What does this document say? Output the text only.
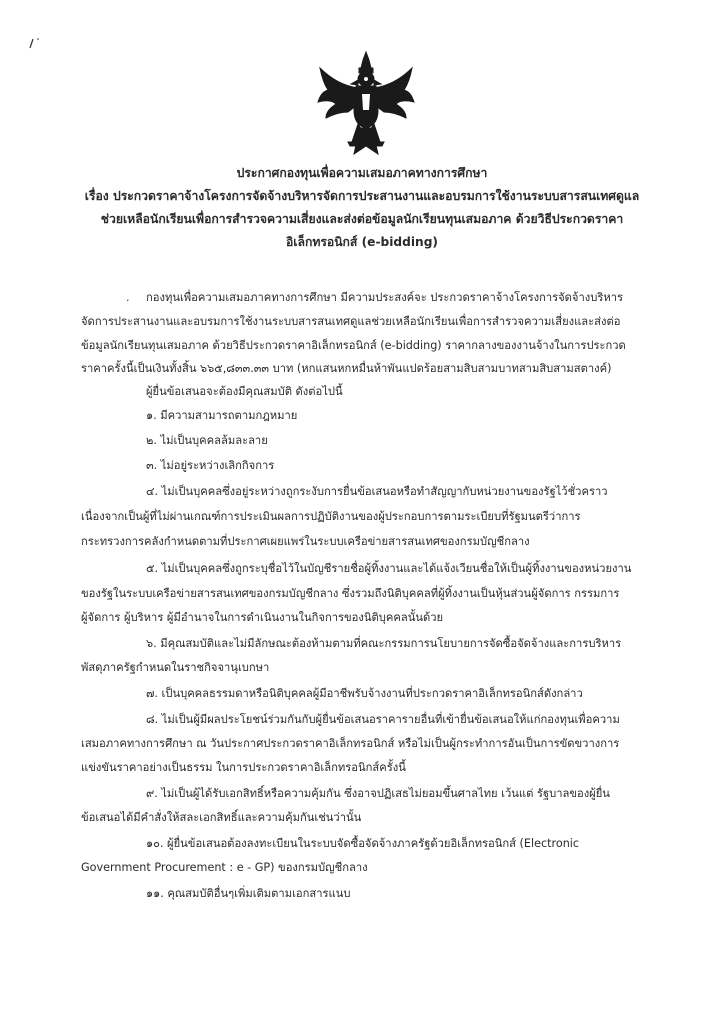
ประกาศกองทุนเพื่อความเสมอภาคทางการศึกษา
เรื่อง ประกวดราคาจ้างโครงการจัดจ้างบริหารจัดการประสานงานและอบรมการใช้งานระบบสารสนเทศดูแล
ช่วยเหลือนักเรียนเพื่อการสำรวจความเสี่ยงและส่งต่อข้อมูลนักเรียนทุนเสมอภาค ด้วยวิธีประกวดราคา
อิเล็กทรอนิกส์ (e-bidding)
. กองทุนเพื่อความเสมอภาคทางการศึกษา มีความประสงค์จะ ประกวดราคาจ้างโครงการจัดจ้างบริหาร
จัดการประสานงานและอบรมการใช้งานระบบสารสนเทศดูแลช่วยเหลือนักเรียนเพื่อการสำรวจความเสี่ยงและส่งต่อ
ข้อมูลนักเรียนทุนเสมอภาค ด้วยวิธีประกวดราคาอิเล็กทรอนิกส์ (e-bidding) ราคากลางของงานจ้างในการประกวด
ราคาครั้งนี้เป็นเงินทั้งสิ้น ๖๖๕,๘๓๓.๓๓ บาท (หกแสนหกหมื่นห้าพันแปดร้อยสามสิบสามบาทสามสิบสามสตางค์)
ผู้ยื่นข้อเสนอจะต้องมีคุณสมบัติ ดังต่อไปนี้
๑. มีความสามารถตามกฎหมาย
๒. ไม่เป็นบุคคลล้มละลาย
๓. ไม่อยู่ระหว่างเลิกกิจการ
๔. ไม่เป็นบุคคลซึ่งอยู่ระหว่างถูกระงับการยื่นข้อเสนอหรือทำสัญญากับหน่วยงานของรัฐไว้ชั่วคราว
เนื่องจากเป็นผู้ที่ไม่ผ่านเกณฑ์การประเมินผลการปฏิบัติงานของผู้ประกอบการตามระเบียบที่รัฐมนตรีว่าการ
กระทรวงการคลังกำหนดตามที่ประกาศเผยแพร่ในระบบเครือข่ายสารสนเทศของกรมบัญชีกลาง
๕. ไม่เป็นบุคคลซึ่งถูกระบุชื่อไว้ในบัญชีรายชื่อผู้ทิ้งงานและได้แจ้งเวียนชื่อให้เป็นผู้ทิ้งงานของหน่วยงาน
ของรัฐในระบบเครือข่ายสารสนเทศของกรมบัญชีกลาง ซึ่งรวมถึงนิติบุคคลที่ผู้ทิ้งงานเป็นหุ้นส่วนผู้จัดการ กรรมการ
ผู้จัดการ ผู้บริหาร ผู้มีอำนาจในการดำเนินงานในกิจการของนิติบุคคลนั้นด้วย
๖. มีคุณสมบัติและไม่มีลักษณะต้องห้ามตามที่คณะกรรมการนโยบายการจัดซื้อจัดจ้างและการบริหาร
พัสดุภาครัฐกำหนดในราชกิจจานุเบกษา
๗. เป็นบุคคลธรรมดาหรือนิติบุคคลผู้มีอาชีพรับจ้างงานที่ประกวดราคาอิเล็กทรอนิกส์ดังกล่าว
๘. ไม่เป็นผู้มีผลประโยชน์ร่วมกันกับผู้ยื่นข้อเสนอราคารายอื่นที่เข้ายื่นข้อเสนอให้แก่กองทุนเพื่อความ
เสมอภาคทางการศึกษา ณ วันประกาศประกวดราคาอิเล็กทรอนิกส์ หรือไม่เป็นผู้กระทำการอันเป็นการขัดขวางการ
แข่งขันราคาอย่างเป็นธรรม ในการประกวดราคาอิเล็กทรอนิกส์ครั้งนี้
๙. ไม่เป็นผู้ได้รับเอกสิทธิ์หรือความคุ้มกัน ซึ่งอาจปฏิเสธไม่ยอมขึ้นศาลไทย เว้นแต่ รัฐบาลของผู้ยื่น
ข้อเสนอได้มีคำสั่งให้สละเอกสิทธิ์และความคุ้มกันเช่นว่านั้น
๑๐. ผู้ยื่นข้อเสนอต้องลงทะเบียนในระบบจัดซื้อจัดจ้างภาครัฐด้วยอิเล็กทรอนิกส์ (Electronic
Government Procurement : e - GP) ของกรมบัญชีกลาง
๑๑. คุณสมบัติอื่นๆเพิ่มเติมตามเอกสารแนบ
